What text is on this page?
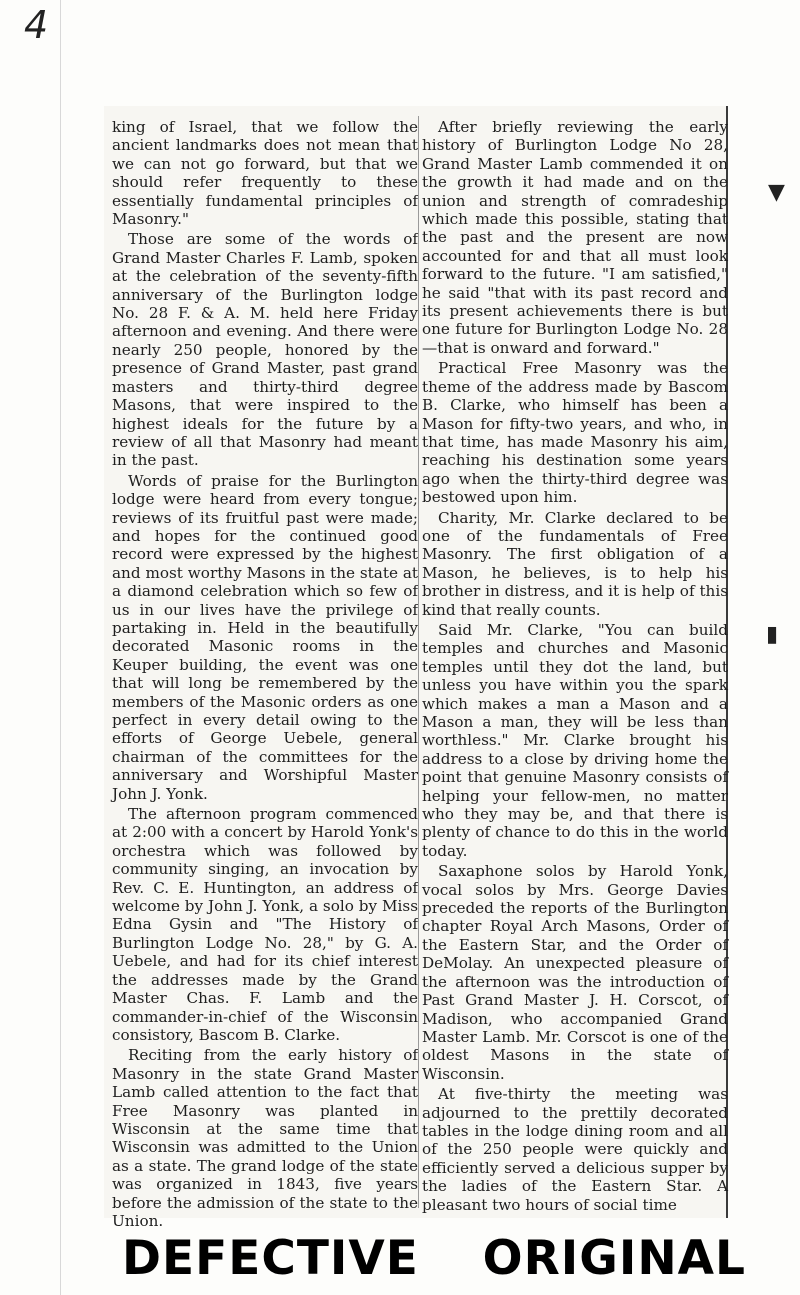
4

king of Israel, that we follow the ancient landmarks does not mean that we can not go forward, but that we should refer frequently to these essentially fundamental principles of Masonry."

Those are some of the words of Grand Master Charles F. Lamb, spoken at the celebration of the seventy-fifth anniversary of the Burlington lodge No. 28 F. & A. M. held here Friday afternoon and evening. And there were nearly 250 people, honored by the presence of Grand Master, past grand masters and thirty-third degree Masons, that were inspired to the highest ideals for the future by a review of all that Masonry had meant in the past.

Words of praise for the Burlington lodge were heard from every tongue; reviews of its fruitful past were made; and hopes for the continued good record were expressed by the highest and most worthy Masons in the state at a diamond celebration which so few of us in our lives have the privilege of partaking in. Held in the beautifully decorated Masonic rooms in the Keuper building, the event was one that will long be remembered by the members of the Masonic orders as one perfect in every detail owing to the efforts of George Uebele, general chairman of the committees for the anniversary and Worshipful Master John J. Yonk.

The afternoon program commenced at 2:00 with a concert by Harold Yonk's orchestra which was followed by community singing, an invocation by Rev. C. E. Huntington, an address of welcome by John J. Yonk, a solo by Miss Edna Gysin and "The History of Burlington Lodge No. 28," by G. A. Uebele, and had for its chief interest the addresses made by the Grand Master Chas. F. Lamb and the commander-in-chief of the Wisconsin consistory, Bascom B. Clarke.

Reciting from the early history of Masonry in the state Grand Master Lamb called attention to the fact that Free Masonry was planted in Wisconsin at the same time that Wisconsin was admitted to the Union as a state. The grand lodge of the state was organized in 1843, five years before the admission of the state to the Union.

After briefly reviewing the early history of Burlington Lodge No 28, Grand Master Lamb commended it on the growth it had made and on the union and strength of comradeship which made this possible, stating that the past and the present are now accounted for and that all must look forward to the future. "I am satisfied," he said "that with its past record and its present achievements there is but one future for Burlington Lodge No. 28—that is onward and forward."

Practical Free Masonry was the theme of the address made by Bascom B. Clarke, who himself has been a Mason for fifty-two years, and who, in that time, has made Masonry his aim, reaching his destination some years ago when the thirty-third degree was bestowed upon him.

Charity, Mr. Clarke declared to be one of the fundamentals of Free Masonry. The first obligation of a Mason, he believes, is to help his brother in distress, and it is help of this kind that really counts.

Said Mr. Clarke, "You can build temples and churches and Masonic temples until they dot the land, but unless you have within you the spark which makes a man a Mason and a Mason a man, they will be less than worthless." Mr. Clarke brought his address to a close by driving home the point that genuine Masonry consists of helping your fellow-men, no matter who they may be, and that there is plenty of chance to do this in the world today.

Saxaphone solos by Harold Yonk, vocal solos by Mrs. George Davies preceded the reports of the Burlington chapter Royal Arch Masons, Order of the Eastern Star, and the Order of DeMolay. An unexpected pleasure of the afternoon was the introduction of Past Grand Master J. H. Corscot, of Madison, who accompanied Grand Master Lamb. Mr. Corscot is one of the oldest Masons in the state of Wisconsin.

At five-thirty the meeting was adjourned to the prettily decorated tables in the lodge dining room and all of the 250 people were quickly and efficiently served a delicious supper by the ladies of the Eastern Star. A pleasant two hours of social time

▼
▮
DEFECTIVE ORIGINAL
